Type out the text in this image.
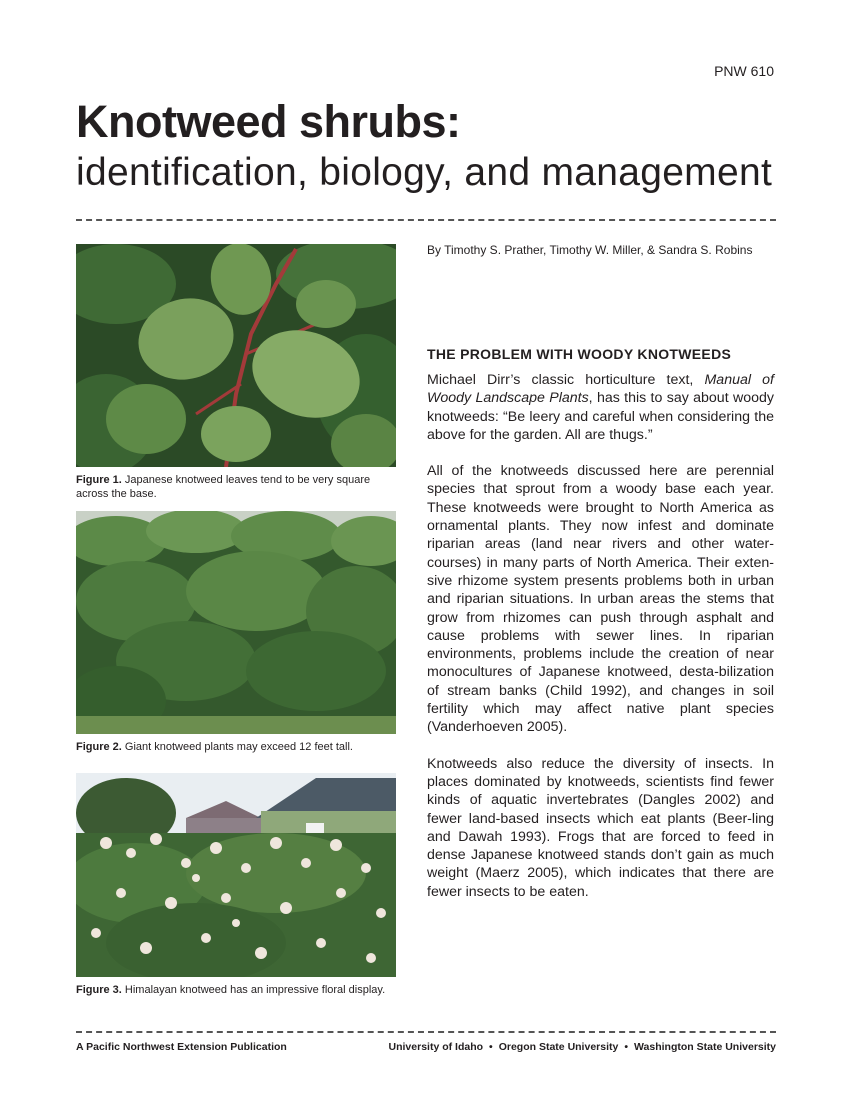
PNW 610
Knotweed shrubs:
identification, biology, and management

Figure 1. Japanese knotweed leaves tend to be very square across the base.

Figure 2. Giant knotweed plants may exceed 12 feet tall.

Figure 3. Himalayan knotweed has an impressive floral display.

By Timothy S. Prather, Timothy W. Miller, & Sandra S. Robins
THE PROBLEM WITH WOODY KNOTWEEDS

Michael Dirr’s classic horticulture text, Manual of Woody Landscape Plants, has this to say about woody knotweeds: “Be leery and careful when considering the above for the garden. All are thugs.”

All of the knotweeds discussed here are perennial species that sprout from a woody base each year. These knotweeds were brought to North America as ornamental plants. They now infest and dominate riparian areas (land near rivers and other water-courses) in many parts of North America. Their exten-sive rhizome system presents problems both in urban and riparian situations. In urban areas the stems that grow from rhizomes can push through asphalt and cause problems with sewer lines. In riparian environments, problems include the creation of near monocultures of Japanese knotweed, desta-bilization of stream banks (Child 1992), and changes in soil fertility which may affect native plant species (Vanderhoeven 2005).

Knotweeds also reduce the diversity of insects. In places dominated by knotweeds, scientists find fewer kinds of aquatic invertebrates (Dangles 2002) and fewer land-based insects which eat plants (Beer-ling and Dawah 1993). Frogs that are forced to feed in dense Japanese knotweed stands don’t gain as much weight (Maerz 2005), which indicates that there are fewer insects to be eaten.

A Pacific Northwest Extension Publication	University of Idaho • Oregon State University • Washington State University
